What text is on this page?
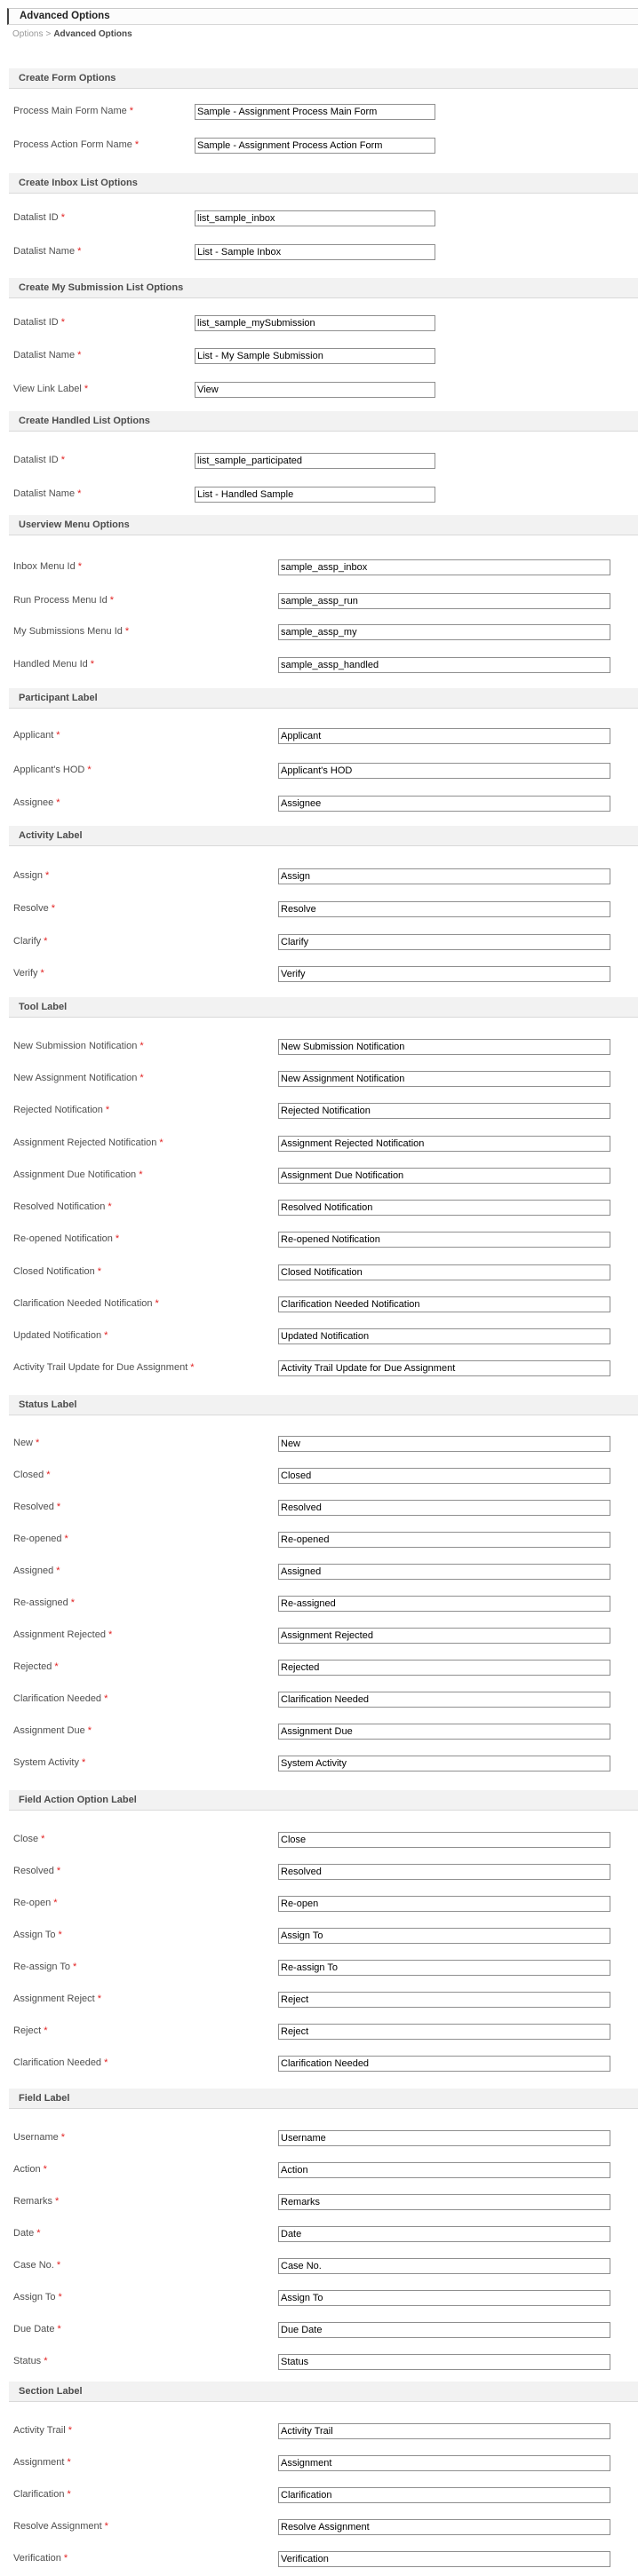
Advanced Options
Options > Advanced Options
Create Form Options
Process Main Form Name *
Sample - Assignment Process Main Form
Process Action Form Name *
Sample - Assignment Process Action Form
Create Inbox List Options
Datalist ID *
list_sample_inbox
Datalist Name *
List - Sample Inbox
Create My Submission List Options
Datalist ID *
list_sample_mySubmission
Datalist Name *
List - My Sample Submission
View Link Label *
View
Create Handled List Options
Datalist ID *
list_sample_participated
Datalist Name *
List - Handled Sample
Userview Menu Options
Inbox Menu Id *
sample_assp_inbox
Run Process Menu Id *
sample_assp_run
My Submissions Menu Id *
sample_assp_my
Handled Menu Id *
sample_assp_handled
Participant Label
Applicant *
Applicant
Applicant's HOD *
Applicant's HOD
Assignee *
Assignee
Activity Label
Assign *
Assign
Resolve *
Resolve
Clarify *
Clarify
Verify *
Verify
Tool Label
New Submission Notification *
New Submission Notification
New Assignment Notification *
New Assignment Notification
Rejected Notification *
Rejected Notification
Assignment Rejected Notification *
Assignment Rejected Notification
Assignment Due Notification *
Assignment Due Notification
Resolved Notification *
Resolved Notification
Re-opened Notification *
Re-opened Notification
Closed Notification *
Closed Notification
Clarification Needed Notification *
Clarification Needed Notification
Updated Notification *
Updated Notification
Activity Trail Update for Due Assignment *
Activity Trail Update for Due Assignment
Status Label
New *
New
Closed *
Closed
Resolved *
Resolved
Re-opened *
Re-opened
Assigned *
Assigned
Re-assigned *
Re-assigned
Assignment Rejected *
Assignment Rejected
Rejected *
Rejected
Clarification Needed *
Clarification Needed
Assignment Due *
Assignment Due
System Activity *
System Activity
Field Action Option Label
Close *
Close
Resolved *
Resolved
Re-open *
Re-open
Assign To *
Assign To
Re-assign To *
Re-assign To
Assignment Reject *
Reject
Reject *
Reject
Clarification Needed *
Clarification Needed
Field Label
Username *
Username
Action *
Action
Remarks *
Remarks
Date *
Date
Case No. *
Case No.
Assign To *
Assign To
Due Date *
Due Date
Status *
Status
Section Label
Activity Trail *
Activity Trail
Assignment *
Assignment
Clarification *
Clarification
Resolve Assignment *
Resolve Assignment
Verification *
Verification
